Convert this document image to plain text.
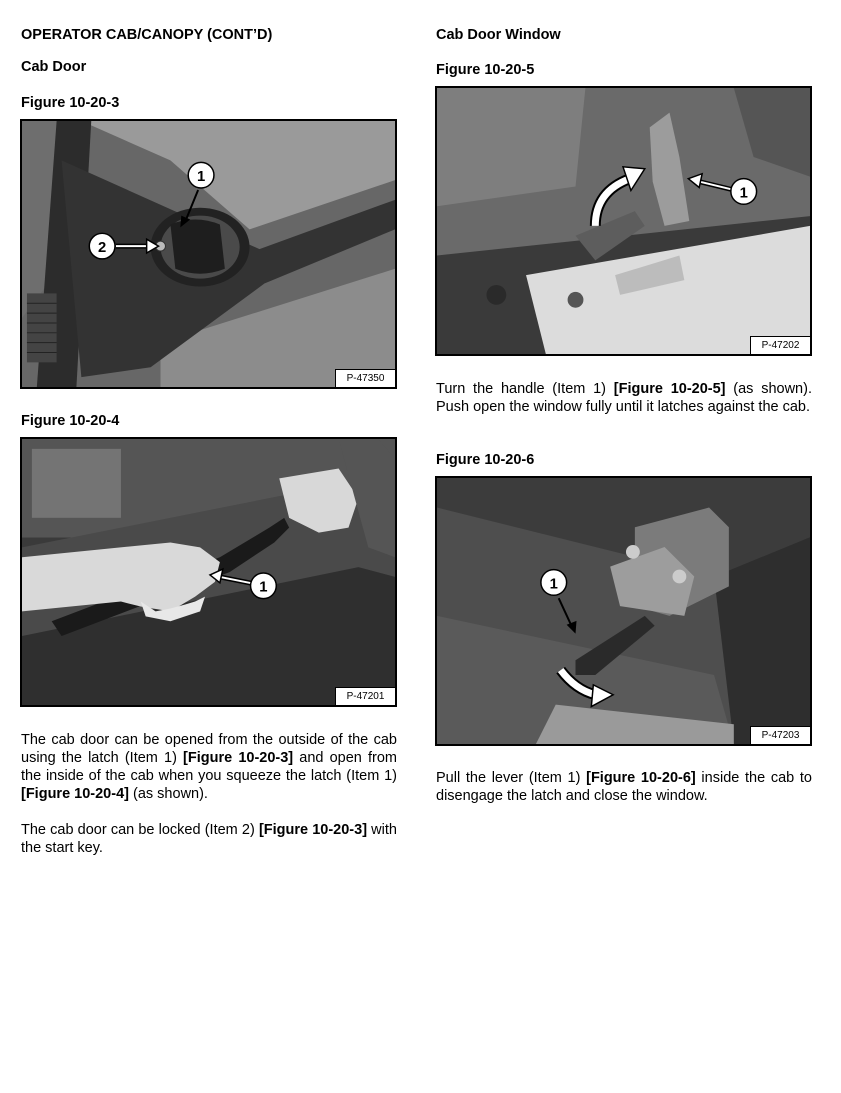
OPERATOR CAB/CANOPY (CONT’D)
Cab Door
Figure 10-20-3
1
2
P-47350
Figure 10-20-4
1
P-47201
The cab door can be opened from the outside of the cab using the latch (Item 1) [Figure 10-20-3] and open from the inside of the cab when you squeeze the latch (Item 1) [Figure 10-20-4] (as shown).
The cab door can be locked (Item 2) [Figure 10-20-3] with the start key.
Cab Door Window
Figure 10-20-5
1
P-47202
Turn the handle (Item 1) [Figure 10-20-5] (as shown). Push open the window fully until it latches against the cab.
Figure 10-20-6
1
P-47203
Pull the lever (Item 1) [Figure 10-20-6] inside the cab to disengage the latch and close the window.
